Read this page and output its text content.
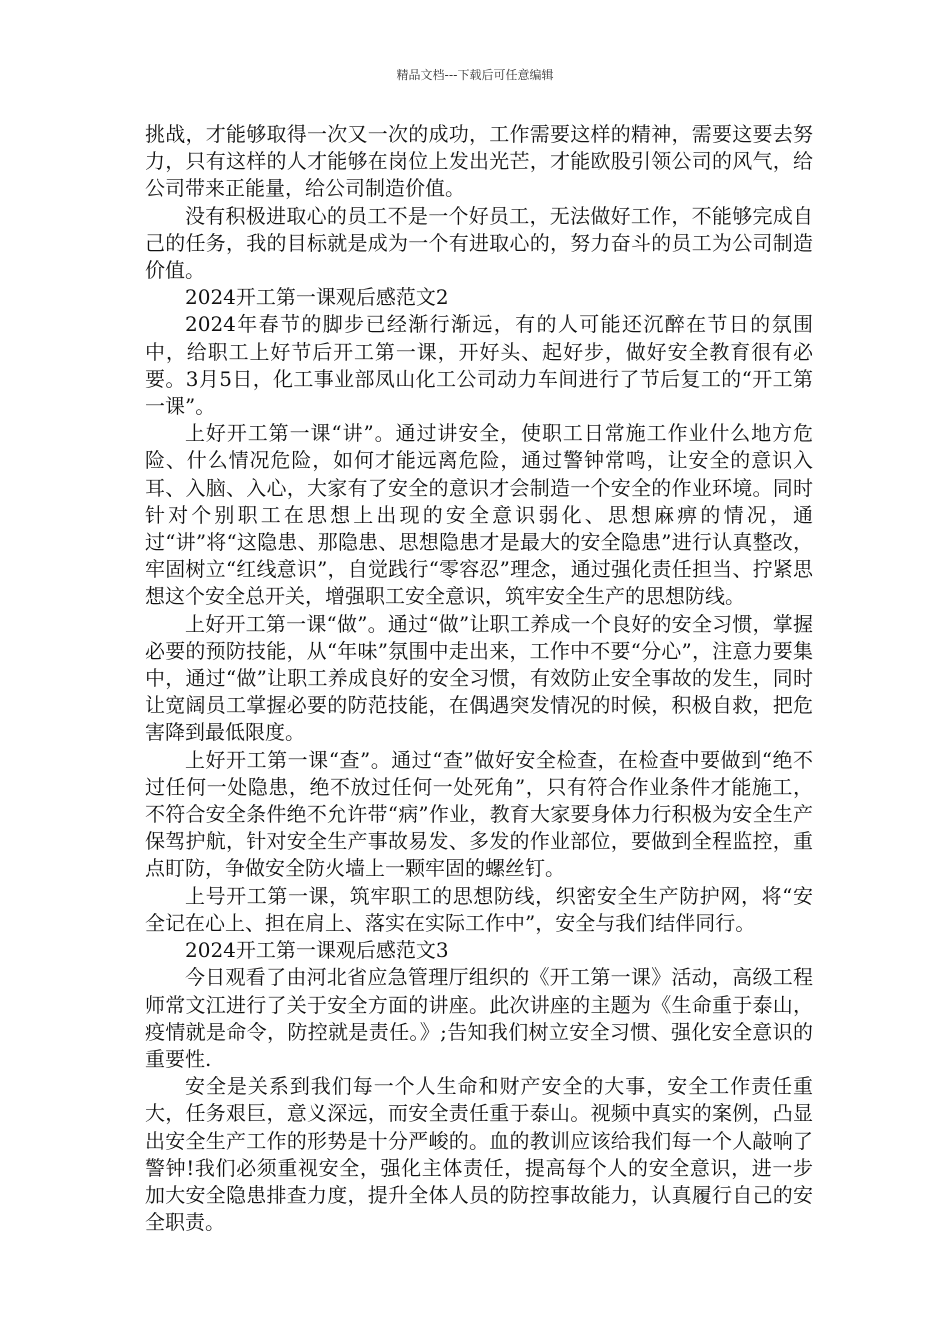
精品文档---下载后可任意编辑

挑战，才能够取得一次又一次的成功，工作需要这样的精神，需要这要去努力，只有这样的人才能够在岗位上发出光芒，才能欧股引领公司的风气，给公司带来正能量，给公司制造价值。

没有积极进取心的员工不是一个好员工，无法做好工作，不能够完成自己的任务，我的目标就是成为一个有进取心的，努力奋斗的员工为公司制造价值。

2024开工第一课观后感范文2

2024年春节的脚步已经渐行渐远，有的人可能还沉醉在节日的氛围中，给职工上好节后开工第一课，开好头、起好步，做好安全教育很有必要。3月5日，化工事业部凤山化工公司动力车间进行了节后复工的“开工第一课”。

上好开工第一课“讲”。通过讲安全，使职工日常施工作业什么地方危险、什么情况危险，如何才能远离危险，通过警钟常鸣，让安全的意识入耳、入脑、入心，大家有了安全的意识才会制造一个安全的作业环境。同时针对个别职工在思想上出现的安全意识弱化、思想麻痹的情况，通过“讲”将“这隐患、那隐患、思想隐患才是最大的安全隐患”进行认真整改，牢固树立“红线意识”，自觉践行“零容忍”理念，通过强化责任担当、拧紧思想这个安全总开关，增强职工安全意识，筑牢安全生产的思想防线。

上好开工第一课“做”。通过“做”让职工养成一个良好的安全习惯，掌握必要的预防技能，从“年味”氛围中走出来，工作中不要“分心”，注意力要集中，通过“做”让职工养成良好的安全习惯，有效防止安全事故的发生，同时让宽阔员工掌握必要的防范技能，在偶遇突发情况的时候，积极自救，把危害降到最低限度。

上好开工第一课“查”。通过“查”做好安全检查，在检查中要做到“绝不过任何一处隐患，绝不放过任何一处死角”，只有符合作业条件才能施工，不符合安全条件绝不允许带“病”作业，教育大家要身体力行积极为安全生产保驾护航，针对安全生产事故易发、多发的作业部位，要做到全程监控，重点盯防，争做安全防火墙上一颗牢固的螺丝钉。

上号开工第一课，筑牢职工的思想防线，织密安全生产防护网，将“安全记在心上、担在肩上、落实在实际工作中”，安全与我们结伴同行。

2024开工第一课观后感范文3

今日观看了由河北省应急管理厅组织的《开工第一课》活动，高级工程师常文江进行了关于安全方面的讲座。此次讲座的主题为《生命重于泰山，疫情就是命令，防控就是责任。》;告知我们树立安全习惯、强化安全意识的重要性.

安全是关系到我们每一个人生命和财产安全的大事，安全工作责任重大，任务艰巨，意义深远，而安全责任重于泰山。视频中真实的案例，凸显出安全生产工作的形势是十分严峻的。血的教训应该给我们每一个人敲响了警钟!我们必须重视安全，强化主体责任，提高每个人的安全意识，进一步加大安全隐患排查力度，提升全体人员的防控事故能力，认真履行自己的安全职责。
